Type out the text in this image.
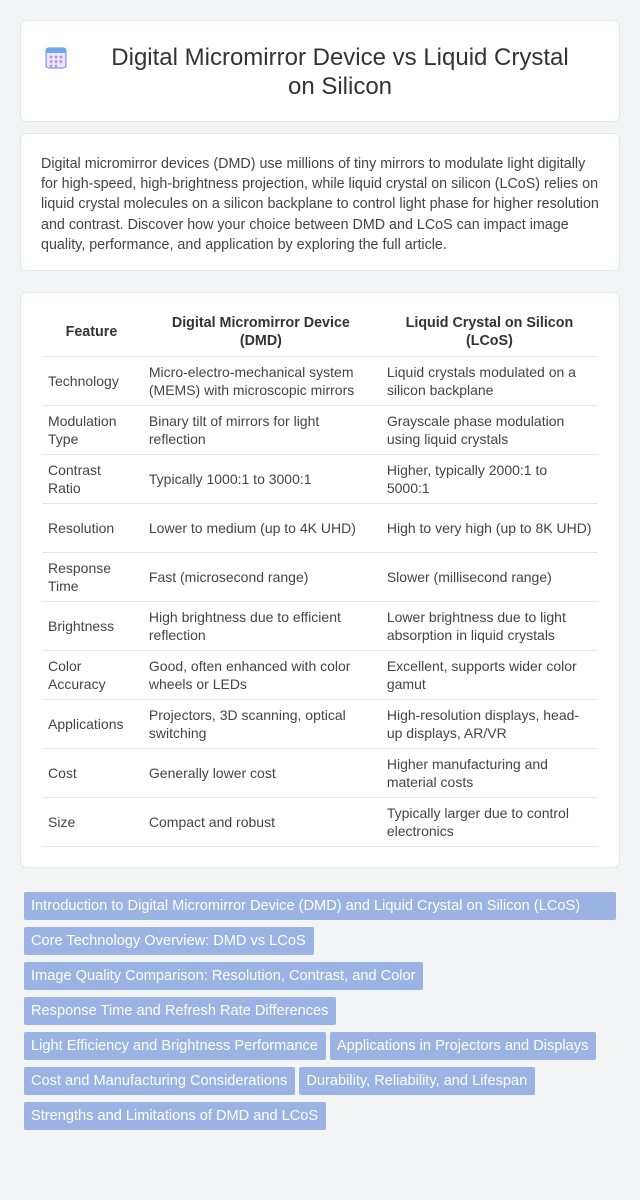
Digital Micromirror Device vs Liquid Crystal on Silicon

Digital micromirror devices (DMD) use millions of tiny mirrors to modulate light digitally for high-speed, high-brightness projection, while liquid crystal on silicon (LCoS) relies on liquid crystal molecules on a silicon backplane to control light phase for higher resolution and contrast. Discover how your choice between DMD and LCoS can impact image quality, performance, and application by exploring the full article.

Feature		Digital Micromirror Device (DMD)		Liquid Crystal on Silicon (LCoS)
Technology		Micro-electro-mechanical system (MEMS) with microscopic mirrors		Liquid crystals modulated on a silicon backplane
Modulation Type		Binary tilt of mirrors for light reflection		Grayscale phase modulation using liquid crystals
Contrast Ratio		Typically 1000:1 to 3000:1		Higher, typically 2000:1 to 5000:1
Resolution		Lower to medium (up to 4K UHD)		High to very high (up to 8K UHD)
Response Time		Fast (microsecond range)		Slower (millisecond range)
Brightness		High brightness due to efficient reflection		Lower brightness due to light absorption in liquid crystals
Color Accuracy		Good, often enhanced with color wheels or LEDs		Excellent, supports wider color gamut
Applications		Projectors, 3D scanning, optical switching		High-resolution displays, head-up displays, AR/VR
Cost		Generally lower cost		Higher manufacturing and material costs
Size		Compact and robust		Typically larger due to control electronics
Introduction to Digital Micromirror Device (DMD) and Liquid Crystal on Silicon (LCoS)Core Technology Overview: DMD vs LCoSImage Quality Comparison: Resolution, Contrast, and ColorResponse Time and Refresh Rate DifferencesLight Efficiency and Brightness Performance Applications in Projectors and DisplaysCost and Manufacturing Considerations Durability, Reliability, and LifespanStrengths and Limitations of DMD and LCoS
